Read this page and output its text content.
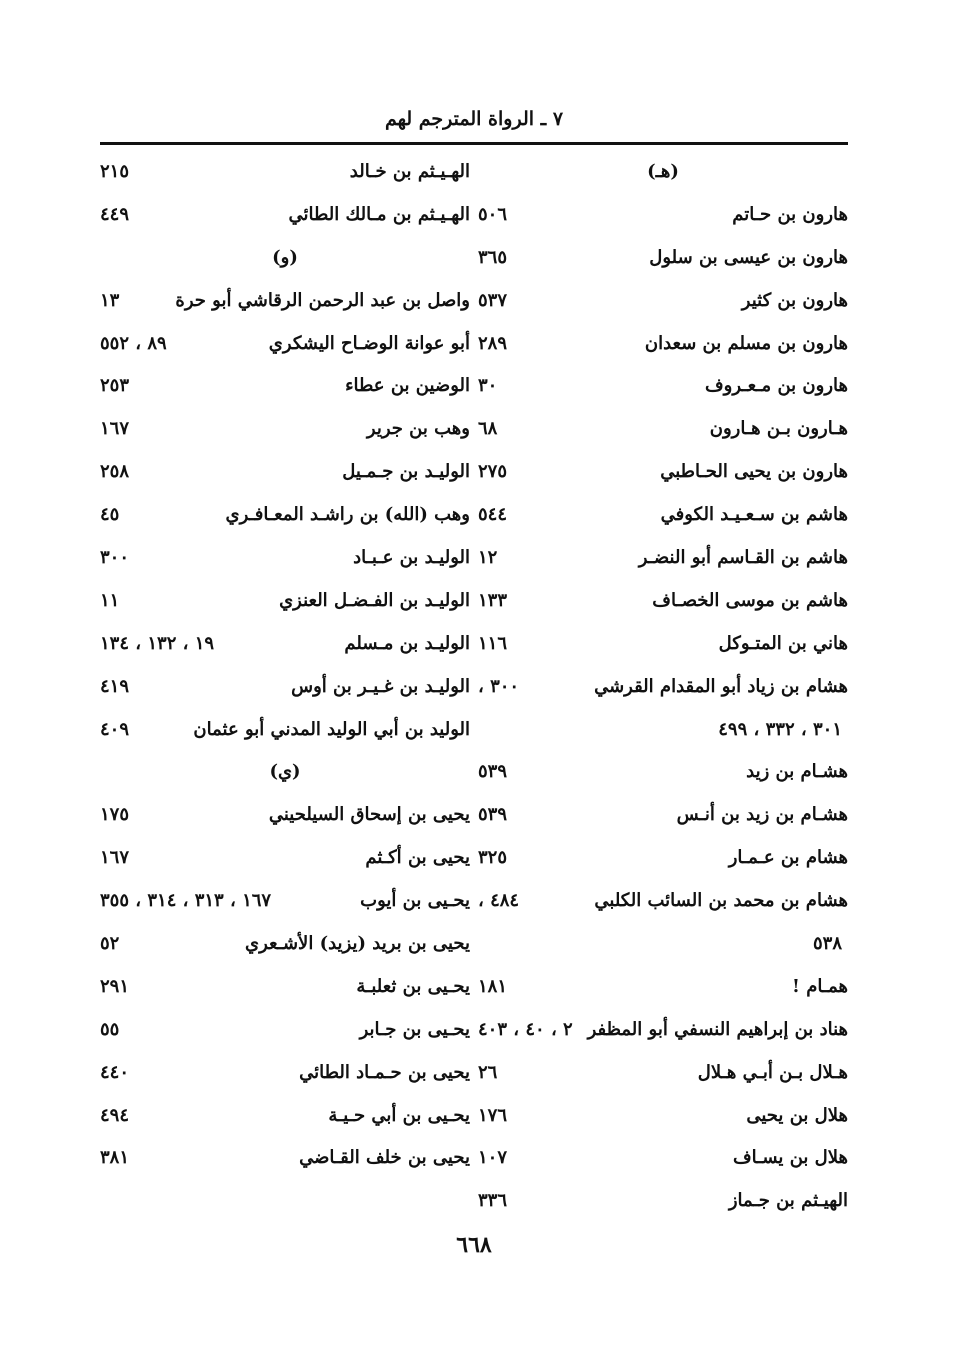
٧ ـ الرواة المترجم لهم
(هـ)
هارون بن حـاتم
٥٠٦
هارون بن عيسى بن سلول
٣٦٥
هارون بن كثير
٥٣٧
هارون بن مسلم بن سعدان
٢٨٩
هارون بن مـعـروف
٣٠
هـارون بـن هـارون
٦٨
هارون بن يحيى الحـاطبي
٢٧٥
هاشم بن سـعـيـد الكوفي
٥٤٤
هاشم بن القـاسم أبو النضـر
١٢
هاشم بن موسى الخصـاف
١٣٣
هاني بن المتـوكل
١١٦
هشام بن زياد أبو المقدام القرشي
٣٠٠ ،
٣٠١ ، ٣٣٢ ، ٤٩٩
هشـام بن زيد
٥٣٩
هشـام بن زيد بن أنـس
٥٣٩
هشام بن عـمـار
٣٢٥
هشام بن محمد بن السائب الكلبي
٤٨٤ ،
٥٣٨
همـام !
١٨١
هناد بن إبراهيم النسفي أبو المظفر
٢ ، ٤٠ ، ٤٠٣
هـلال بـن أبـي هـلال
٢٦
هلال بن يحيى
١٧٦
هلال بن يسـاف
١٠٧
الهيـثم بن جـماز
٣٣٦
الهـيـثم بن خـالد
٢١٥
الهـيـثم بن مـالك الطائي
٤٤٩
(و)
واصل بن عبد الرحمن الرقاشي أبو حرة
١٣
أبو عوانة الوضـاح اليشكري
٨٩ ، ٥٥٢
الوضين بن عطاء
٢٥٣
وهب بن جرير
١٦٧
الوليـد بن جـمـيل
٢٥٨
وهب (الله) بن راشـد المعـافـري
٤٥
الوليـد بن عـبـاد
٣٠٠
الوليـد بن الفـضـل العنزي
١١
الوليـد بن مـسلم
١٩ ، ١٣٢ ، ١٣٤
الوليـد بن غـيـر بن أوس
٤١٩
الوليد بن أبي الوليد المدني أبو عثمان
٤٠٩
(ي)
يحيى بن إسحاق السيلحيني
١٧٥
يحيى بن أكـثم
١٦٧
يحـيى بن أيوب
١٦٧ ، ٣١٣ ، ٣١٤ ، ٣٥٥
يحيى بن بريد (يزيد) الأشـعري
٥٢
يحـيى بن ثعلبـة
٢٩١
يحـيى بن جـابر
٥٥
يحيى بن حـمـاد الطائي
٤٤٠
يحـيى بن أبي حـيـة
٤٩٤
يحيى بن خلف القـاضي
٣٨١
٦٦٨
